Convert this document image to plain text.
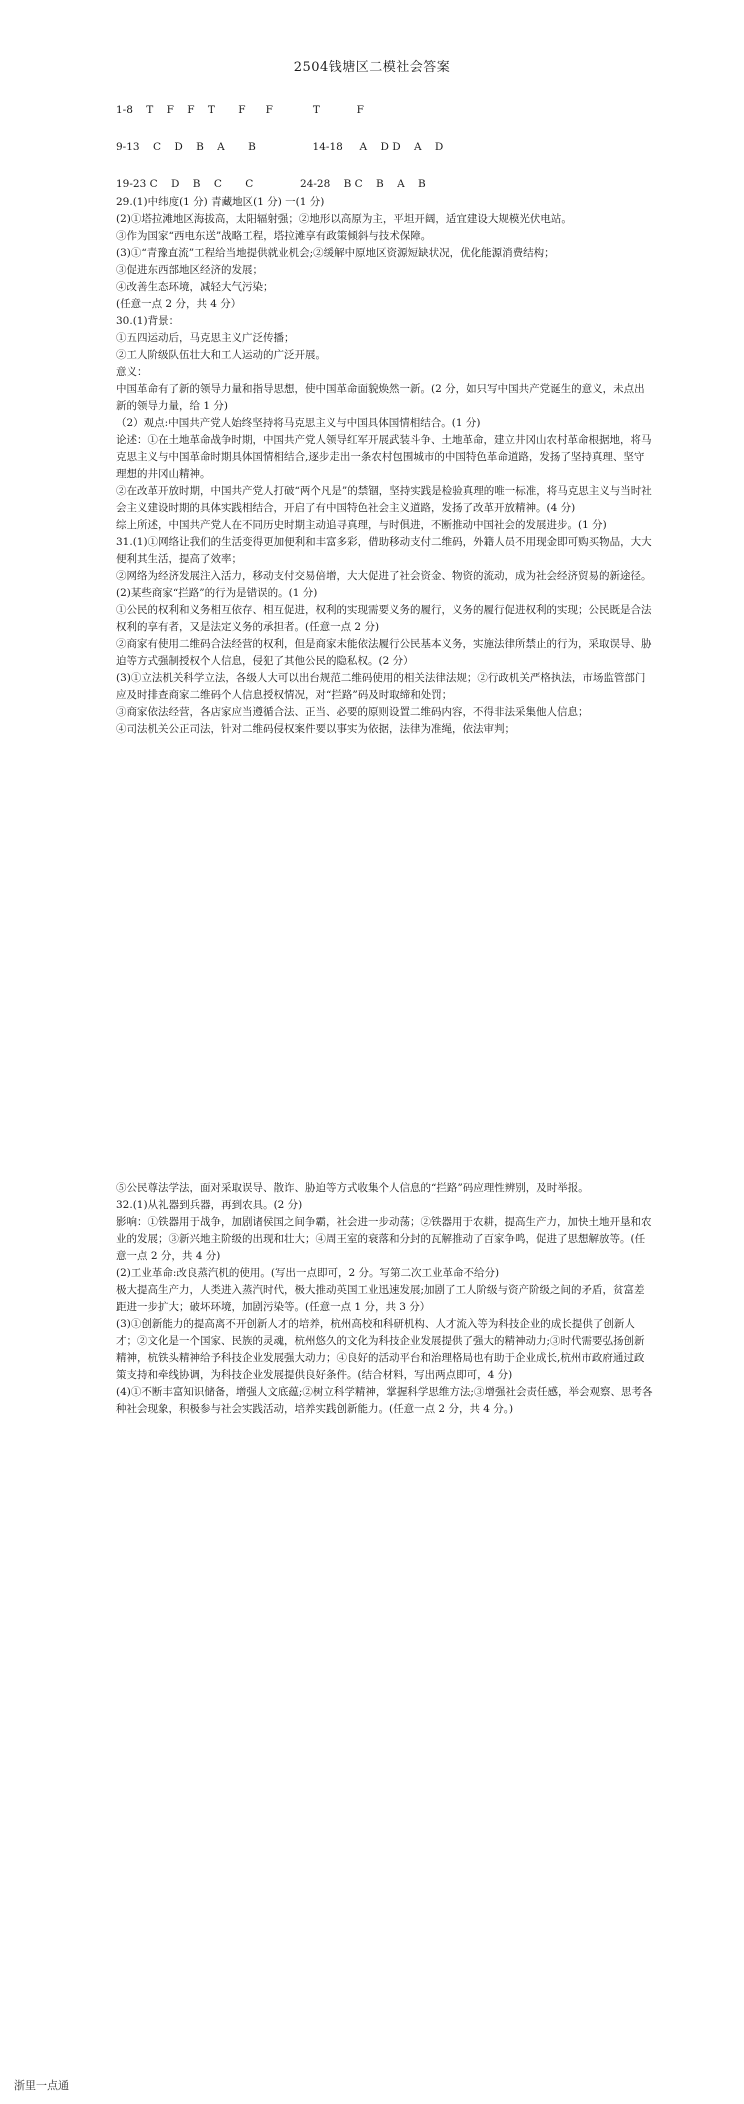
2504钱塘区二模社会答案
1-8    T    F    F    T       F      F            T           F
9-13    C    D    B    A       B                 14-18     A    D D    A    D
19-23 C    D    B    C       C              24-28    B C    B    A    B

29.(1)中纬度(1 分) 青藏地区(1 分) 一(1 分)

(2)①塔拉滩地区海拔高，太阳辐射强；②地形以高原为主，平坦开阔，适宜建设大规模光伏电站。

③作为国家“西电东送”战略工程，塔拉滩享有政策倾斜与技术保障。

(3)①“青豫直流”工程给当地提供就业机会;②缓解中原地区资源短缺状况，优化能源消费结构；

③促进东西部地区经济的发展；

④改善生态环境，减轻大气污染；

(任意一点 2 分，共 4 分）

30.(1)背景：

①五四运动后，马克思主义广泛传播；

②工人阶级队伍壮大和工人运动的广泛开展。

意义：

中国革命有了新的领导力量和指导思想，使中国革命面貌焕然一新。(2 分，如只写中国共产党诞生的意义，未点出新的领导力量，给 1 分)

（2）观点:中国共产党人始终坚持将马克思主义与中国具体国情相结合。(1 分)

论述：①在土地革命战争时期，中国共产党人领导红军开展武装斗争、土地革命，建立井冈山农村革命根据地，将马克思主义与中国革命时期具体国情相结合,逐步走出一条农村包围城市的中国特色革命道路，发扬了坚持真理、坚守理想的井冈山精神。

②在改革开放时期，中国共产党人打破“两个凡是”的禁锢，坚持实践是检验真理的唯一标准，将马克思主义与当时社会主义建设时期的具体实践相结合，开启了有中国特色社会主义道路，发扬了改革开放精神。(4 分)

综上所述，中国共产党人在不同历史时期主动追寻真理，与时俱进，不断推动中国社会的发展进步。(1 分)

31.(1)①网络让我们的生活变得更加便利和丰富多彩，借助移动支付二维码，外籍人员不用现金即可购买物品，大大便利其生活，提高了效率；

②网络为经济发展注入活力，移动支付交易倍增，大大促进了社会资金、物资的流动，成为社会经济贸易的新途径。

(2)某些商家“拦路”的行为是错误的。(1 分)

①公民的权利和义务相互依存、相互促进，权利的实现需要义务的履行，义务的履行促进权利的实现；公民既是合法权利的享有者，又是法定义务的承担者。(任意一点 2 分)

②商家有使用二维码合法经营的权利，但是商家未能依法履行公民基本义务，实施法律所禁止的行为，采取误导、胁迫等方式强制授权个人信息，侵犯了其他公民的隐私权。(2 分）

(3)①立法机关科学立法，各级人大可以出台规范二维码使用的相关法律法规；②行政机关严格执法，市场监管部门应及时排查商家二维码个人信息授权情况，对“拦路”码及时取缔和处罚；

③商家依法经营，各店家应当遵循合法、正当、必要的原则设置二维码内容，不得非法采集他人信息；

④司法机关公正司法，针对二维码侵权案件要以事实为依据，法律为准绳，依法审判；

⑤公民尊法学法，面对采取误导、散诈、胁迫等方式收集个人信息的“拦路”码应理性辨别，及时举报。

32.(1)从礼器到兵器，再到农具。(2 分)

影响：①铁器用于战争，加剧诸侯国之间争霸，社会进一步动荡；②铁器用于农耕，提高生产力，加快土地开垦和农业的发展；③新兴地主阶级的出现和壮大；④周王室的衰落和分封的瓦解推动了百家争鸣，促进了思想解放等。(任意一点 2 分，共 4 分)

(2)工业革命:改良蒸汽机的使用。(写出一点即可，2 分。写第二次工业革命不给分)

极大提高生产力，人类进入蒸汽时代，极大推动英国工业迅速发展;加剧了工人阶级与资产阶级之间的矛盾，贫富差距进一步扩大；破坏环境，加剧污染等。(任意一点 1 分，共 3 分）

(3)①创新能力的提高离不开创新人才的培养，杭州高校和科研机构、人才流入等为科技企业的成长提供了创新人才；②文化是一个国家、民族的灵魂，杭州悠久的文化为科技企业发展提供了强大的精神动力;③时代需要弘扬创新精神，杭铁头精神给予科技企业发展强大动力；④良好的活动平台和治理格局也有助于企业成长,杭州市政府通过政策支持和牵线协调，为科技企业发展提供良好条件。(结合材料，写出两点即可，4 分)

(4)①不断丰富知识储备，增强人文底蕴;②树立科学精神，掌握科学思维方法;③增强社会责任感，举会观察、思考各种社会现象，积极参与社会实践活动，培养实践创新能力。(任意一点 2 分，共 4 分。)

浙里一点通
